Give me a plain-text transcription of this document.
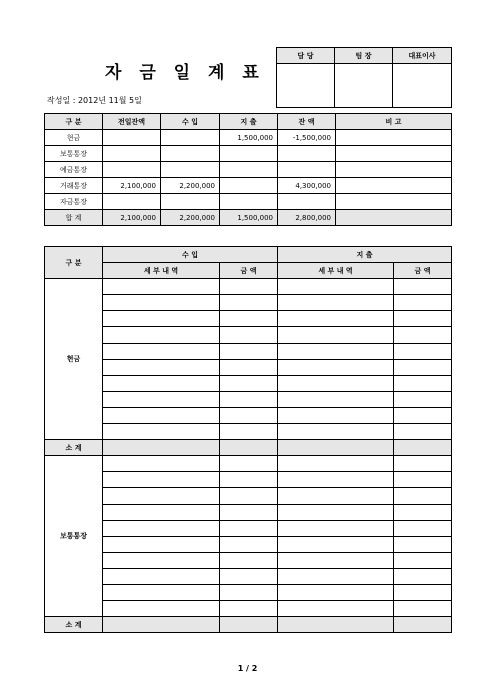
자 금 일 계 표
작성일 : 2012년 11월 5일
담 당	팀 장	대표이사

구 분	전일잔액	수 입	지 출	잔 액	비 고
현금			1,500,000	-1,500,000	
보통통장					
예금통장					
거래통장	2,100,000	2,200,000		4,300,000	
자금통장					
합 계	2,100,000	2,200,000	1,500,000	2,800,000	
구 분	수 입		지 출	
	세 부 내 역	금 액	세 부 내 역	금 액
현금				

소 계				
보통통장				

소 계				
1 / 2
